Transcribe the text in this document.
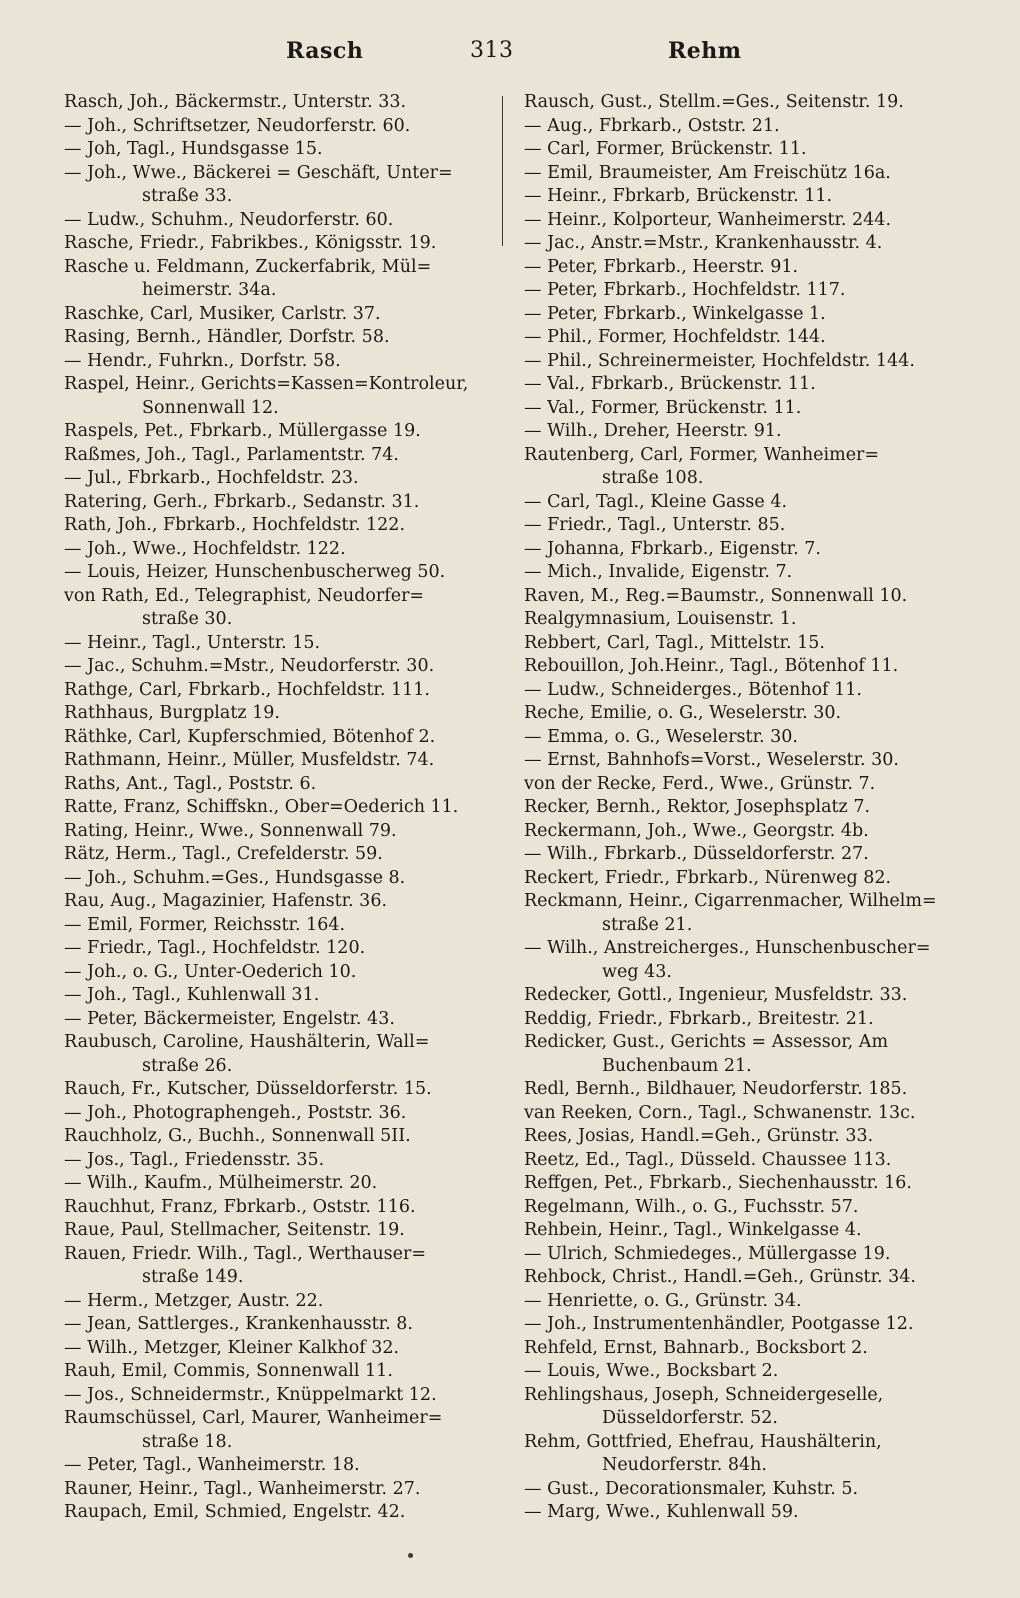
Rasch	313	Rehm
Rasch, Joh., Bäckermstr., Unterstr. 33.
— Joh., Schriftsetzer, Neudorferstr. 60.
— Joh, Tagl., Hundsgasse 15.
— Joh., Wwe., Bäckerei = Geschäft, Unter=
straße 33.
— Ludw., Schuhm., Neudorferstr. 60.
Rasche, Friedr., Fabrikbes., Königsstr. 19.
Rasche u. Feldmann, Zuckerfabrik, Mül=
heimerstr. 34a.
Raschke, Carl, Musiker, Carlstr. 37.
Rasing, Bernh., Händler, Dorfstr. 58.
— Hendr., Fuhrkn., Dorfstr. 58.
Raspel, Heinr., Gerichts=Kassen=Kontroleur,
Sonnenwall 12.
Raspels, Pet., Fbrkarb., Müllergasse 19.
Raßmes, Joh., Tagl., Parlamentstr. 74.
— Jul., Fbrkarb., Hochfeldstr. 23.
Ratering, Gerh., Fbrkarb., Sedanstr. 31.
Rath, Joh., Fbrkarb., Hochfeldstr. 122.
— Joh., Wwe., Hochfeldstr. 122.
— Louis, Heizer, Hunschenbuscherweg 50.
von Rath, Ed., Telegraphist, Neudorfer=
straße 30.
— Heinr., Tagl., Unterstr. 15.
— Jac., Schuhm.=Mstr., Neudorferstr. 30.
Rathge, Carl, Fbrkarb., Hochfeldstr. 111.
Rathhaus, Burgplatz 19.
Räthke, Carl, Kupferschmied, Bötenhof 2.
Rathmann, Heinr., Müller, Musfeldstr. 74.
Raths, Ant., Tagl., Poststr. 6.
Ratte, Franz, Schiffskn., Ober=Oederich 11.
Rating, Heinr., Wwe., Sonnenwall 79.
Rätz, Herm., Tagl., Crefelderstr. 59.
— Joh., Schuhm.=Ges., Hundsgasse 8.
Rau, Aug., Magazinier, Hafenstr. 36.
— Emil, Former, Reichsstr. 164.
— Friedr., Tagl., Hochfeldstr. 120.
— Joh., o. G., Unter-Oederich 10.
— Joh., Tagl., Kuhlenwall 31.
— Peter, Bäckermeister, Engelstr. 43.
Raubusch, Caroline, Haushälterin, Wall=
straße 26.
Rauch, Fr., Kutscher, Düsseldorferstr. 15.
— Joh., Photographengeh., Poststr. 36.
Rauchholz, G., Buchh., Sonnenwall 5II.
— Jos., Tagl., Friedensstr. 35.
— Wilh., Kaufm., Mülheimerstr. 20.
Rauchhut, Franz, Fbrkarb., Oststr. 116.
Raue, Paul, Stellmacher, Seitenstr. 19.
Rauen, Friedr. Wilh., Tagl., Werthauser=
straße 149.
— Herm., Metzger, Austr. 22.
— Jean, Sattlerges., Krankenhausstr. 8.
— Wilh., Metzger, Kleiner Kalkhof 32.
Rauh, Emil, Commis, Sonnenwall 11.
— Jos., Schneidermstr., Knüppelmarkt 12.
Raumschüssel, Carl, Maurer, Wanheimer=
straße 18.
— Peter, Tagl., Wanheimerstr. 18.
Rauner, Heinr., Tagl., Wanheimerstr. 27.
Raupach, Emil, Schmied, Engelstr. 42.
Rausch, Gust., Stellm.=Ges., Seitenstr. 19.
— Aug., Fbrkarb., Oststr. 21.
— Carl, Former, Brückenstr. 11.
— Emil, Braumeister, Am Freischütz 16a.
— Heinr., Fbrkarb, Brückenstr. 11.
— Heinr., Kolporteur, Wanheimerstr. 244.
— Jac., Anstr.=Mstr., Krankenhausstr. 4.
— Peter, Fbrkarb., Heerstr. 91.
— Peter, Fbrkarb., Hochfeldstr. 117.
— Peter, Fbrkarb., Winkelgasse 1.
— Phil., Former, Hochfeldstr. 144.
— Phil., Schreinermeister, Hochfeldstr. 144.
— Val., Fbrkarb., Brückenstr. 11.
— Val., Former, Brückenstr. 11.
— Wilh., Dreher, Heerstr. 91.
Rautenberg, Carl, Former, Wanheimer=
straße 108.
— Carl, Tagl., Kleine Gasse 4.
— Friedr., Tagl., Unterstr. 85.
— Johanna, Fbrkarb., Eigenstr. 7.
— Mich., Invalide, Eigenstr. 7.
Raven, M., Reg.=Baumstr., Sonnenwall 10.
Realgymnasium, Louisenstr. 1.
Rebbert, Carl, Tagl., Mittelstr. 15.
Rebouillon, Joh.Heinr., Tagl., Bötenhof 11.
— Ludw., Schneiderges., Bötenhof 11.
Reche, Emilie, o. G., Weselerstr. 30.
— Emma, o. G., Weselerstr. 30.
— Ernst, Bahnhofs=Vorst., Weselerstr. 30.
von der Recke, Ferd., Wwe., Grünstr. 7.
Recker, Bernh., Rektor, Josephsplatz 7.
Reckermann, Joh., Wwe., Georgstr. 4b.
— Wilh., Fbrkarb., Düsseldorferstr. 27.
Reckert, Friedr., Fbrkarb., Nürenweg 82.
Reckmann, Heinr., Cigarrenmacher, Wilhelm=
straße 21.
— Wilh., Anstreicherges., Hunschenbuscher=
weg 43.
Redecker, Gottl., Ingenieur, Musfeldstr. 33.
Reddig, Friedr., Fbrkarb., Breitestr. 21.
Redicker, Gust., Gerichts = Assessor, Am
Buchenbaum 21.
Redl, Bernh., Bildhauer, Neudorferstr. 185.
van Reeken, Corn., Tagl., Schwanenstr. 13c.
Rees, Josias, Handl.=Geh., Grünstr. 33.
Reetz, Ed., Tagl., Düsseld. Chaussee 113.
Reffgen, Pet., Fbrkarb., Siechenhausstr. 16.
Regelmann, Wilh., o. G., Fuchsstr. 57.
Rehbein, Heinr., Tagl., Winkelgasse 4.
— Ulrich, Schmiedeges., Müllergasse 19.
Rehbock, Christ., Handl.=Geh., Grünstr. 34.
— Henriette, o. G., Grünstr. 34.
— Joh., Instrumentenhändler, Pootgasse 12.
Rehfeld, Ernst, Bahnarb., Bocksbort 2.
— Louis, Wwe., Bocksbart 2.
Rehlingshaus, Joseph, Schneidergeselle,
Düsseldorferstr. 52.
Rehm, Gottfried, Ehefrau, Haushälterin,
Neudorferstr. 84h.
— Gust., Decorationsmaler, Kuhstr. 5.
— Marg, Wwe., Kuhlenwall 59.
